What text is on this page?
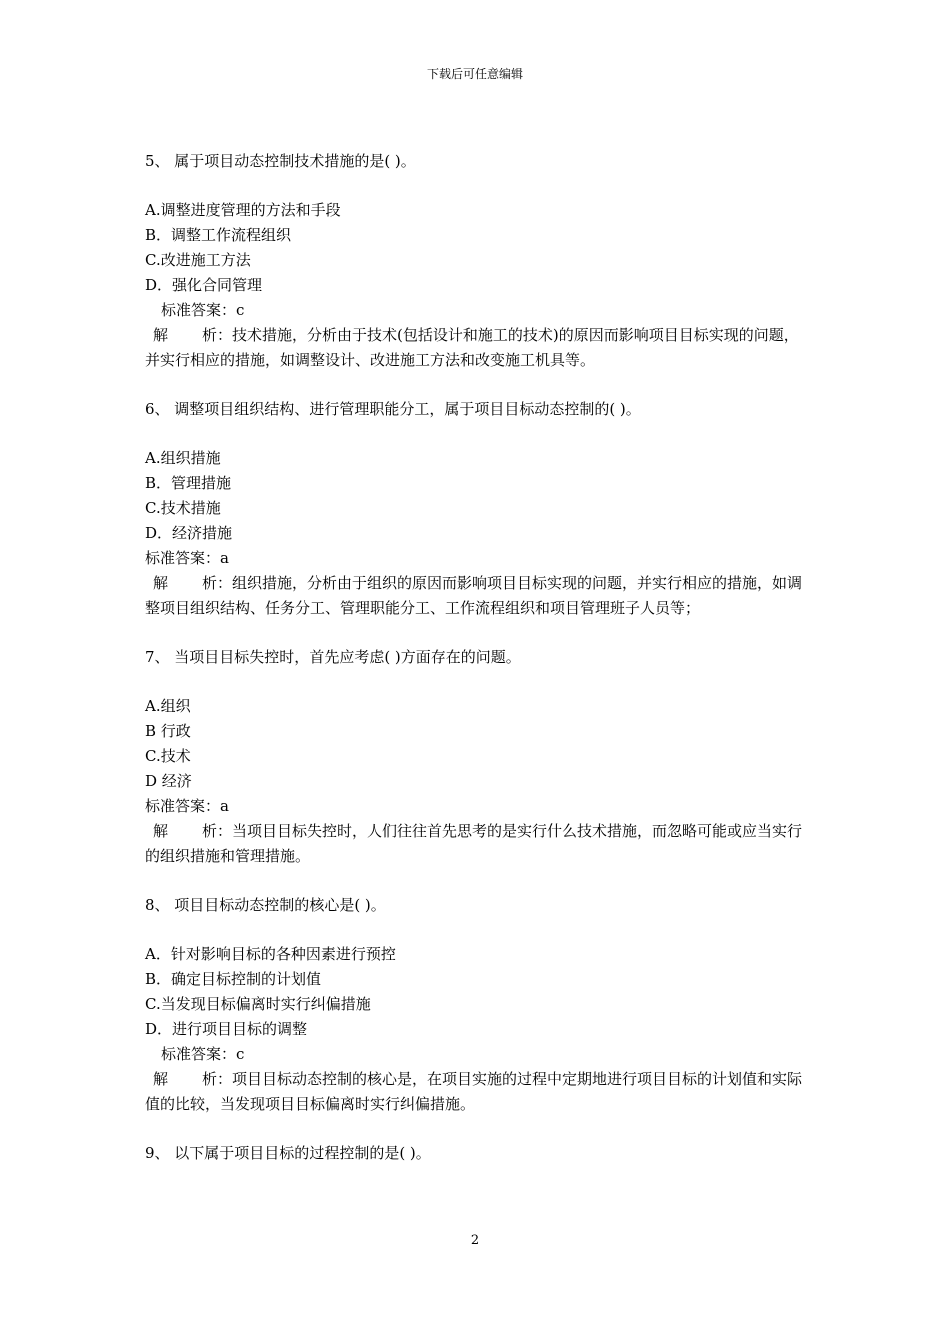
下载后可任意编辑
5、 属于项目动态控制技术措施的是( )。
A.调整进度管理的方法和手段
B．调整工作流程组织
C.改进施工方法
D．强化合同管理
标准答案：c
解 析：技术措施，分析由于技术(包括设计和施工的技术)的原因而影响项目目标实现的问题，并实行相应的措施，如调整设计、改进施工方法和改变施工机具等。
6、 调整项目组织结构、进行管理职能分工，属于项目目标动态控制的( )。
A.组织措施
B．管理措施
C.技术措施
D．经济措施
标准答案：a
解 析：组织措施，分析由于组织的原因而影响项目目标实现的问题，并实行相应的措施，如调整项目组织结构、任务分工、管理职能分工、工作流程组织和项目管理班子人员等；
7、 当项目目标失控时，首先应考虑( )方面存在的问题。
A.组织
B 行政
C.技术
D 经济
标准答案：a
解 析：当项目目标失控时，人们往往首先思考的是实行什么技术措施，而忽略可能或应当实行的组织措施和管理措施。
8、 项目目标动态控制的核心是( )。
A．针对影响目标的各种因素进行预控
B．确定目标控制的计划值
C.当发现目标偏离时实行纠偏措施
D．进行项目目标的调整
标准答案：c
解 析：项目目标动态控制的核心是，在项目实施的过程中定期地进行项目目标的计划值和实际值的比较，当发现项目目标偏离时实行纠偏措施。
9、 以下属于项目目标的过程控制的是( )。
2
